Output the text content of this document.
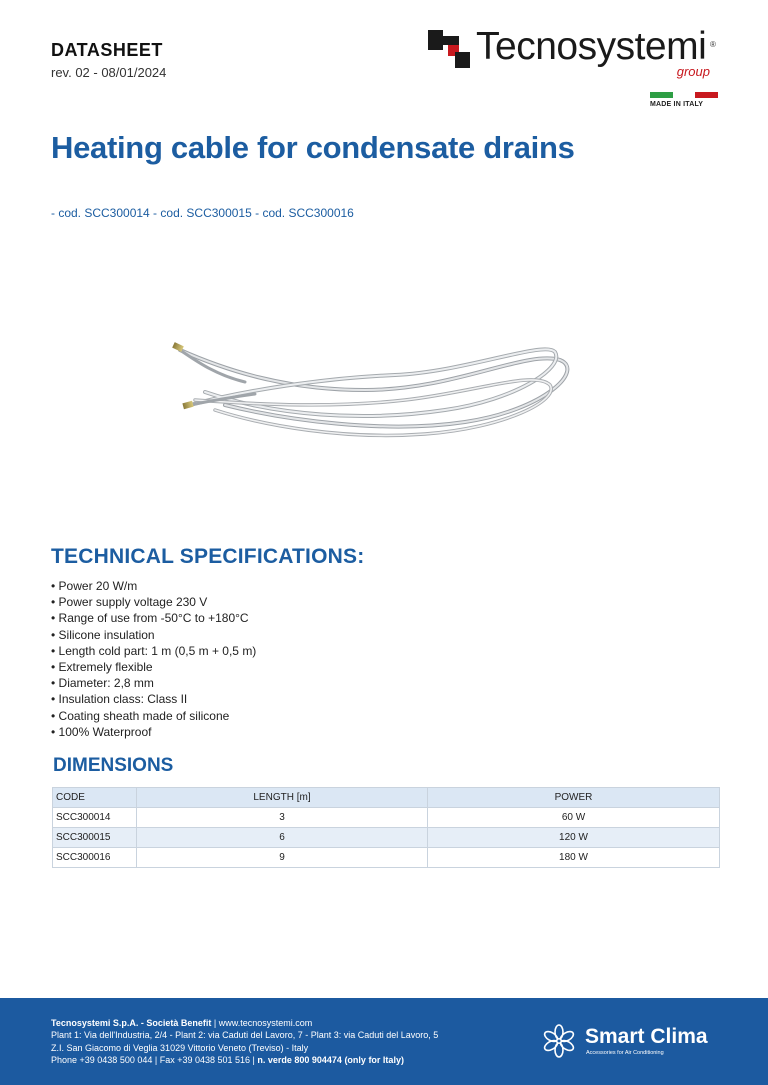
DATASHEET
rev. 02 - 08/01/2024
Tecnosystemi ®
group
MADE IN ITALY
Heating cable for condensate drains
- cod. SCC300014 - cod. SCC300015 - cod. SCC300016
TECHNICAL SPECIFICATIONS:
• Power 20 W/m
• Power supply voltage 230 V
• Range of use from -50°C to +180°C
• Silicone insulation
• Length cold part: 1 m (0,5 m + 0,5 m)
• Extremely flexible
• Diameter: 2,8 mm
• Insulation class: Class II
• Coating sheath made of silicone
• 100% Waterproof
DIMENSIONS
CODE	LENGTH [m]	POWER
SCC300014	3	60 W
SCC300015	6	120 W
SCC300016	9	180 W
Tecnosystemi S.p.A. - Società Benefit | www.tecnosystemi.com
Plant 1: Via dell'Industria, 2/4 - Plant 2: via Caduti del Lavoro, 7 - Plant 3: via Caduti del Lavoro, 5
Z.I. San Giacomo di Veglia 31029 Vittorio Veneto (Treviso) - Italy
Phone +39 0438 500 044 | Fax +39 0438 501 516 | n. verde 800 904474 (only for Italy)
Smart Clima
Accessories for Air Conditioning
